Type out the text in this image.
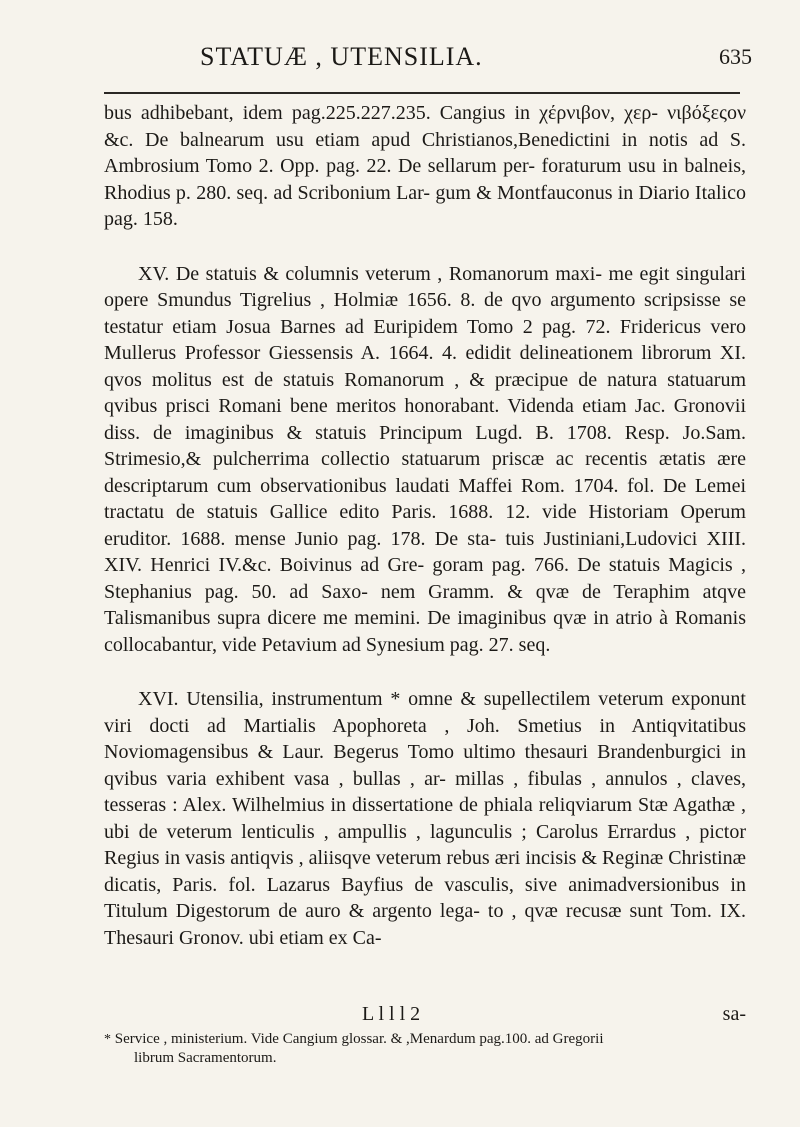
STATUÆ , UTENSILIA.	635

bus adhibebant, idem pag.225.227.235. Cangius in χέρνιβον, χερ- νιβόξεςον &c. De balnearum usu etiam apud Christianos,Benedictini in notis ad S. Ambrosium Tomo 2. Opp. pag. 22. De sellarum per- foraturum usu in balneis, Rhodius p. 280. seq. ad Scribonium Lar- gum & Montfauconus in Diario Italico pag. 158.

XV. De statuis & columnis veterum , Romanorum maxi- me egit singulari opere Smundus Tigrelius , Holmiæ 1656. 8. de qvo argumento scripsisse se testatur etiam Josua Barnes ad Euripidem Tomo 2 pag. 72. Fridericus vero Mullerus Professor Giessensis A. 1664. 4. edidit delineationem librorum XI. qvos molitus est de statuis Romanorum , & præcipue de natura statuarum qvibus prisci Romani bene meritos honorabant. Videnda etiam Jac. Gronovii diss. de imaginibus & statuis Principum Lugd. B. 1708. Resp. Jo.Sam. Strimesio,& pulcherrima collectio statuarum priscæ ac recentis ætatis ære descriptarum cum observationibus laudati Maffei Rom. 1704. fol. De Lemei tractatu de statuis Gallice edito Paris. 1688. 12. vide Historiam Operum eruditor. 1688. mense Junio pag. 178. De sta- tuis Justiniani,Ludovici XIII. XIV. Henrici IV.&c. Boivinus ad Gre- goram pag. 766. De statuis Magicis , Stephanius pag. 50. ad Saxo- nem Gramm. & qvæ de Teraphim atqve Talismanibus supra dicere me memini. De imaginibus qvæ in atrio à Romanis collocabantur, vide Petavium ad Synesium pag. 27. seq.

XVI. Utensilia, instrumentum * omne & supellectilem veterum exponunt viri docti ad Martialis Apophoreta , Joh. Smetius in Antiqvitatibus Noviomagensibus & Laur. Begerus Tomo ultimo thesauri Brandenburgici in qvibus varia exhibent vasa , bullas , ar- millas , fibulas , annulos , claves, tesseras : Alex. Wilhelmius in dissertatione de phiala reliqviarum Stæ Agathæ , ubi de veterum lenticulis , ampullis , lagunculis ; Carolus Errardus , pictor Regius in vasis antiqvis , aliisqve veterum rebus æri incisis & Reginæ Christinæ dicatis, Paris. fol. Lazarus Bayfius de vasculis, sive animadversionibus in Titulum Digestorum de auro & argento lega- to , qvæ recusæ sunt Tom. IX. Thesauri Gronov. ubi etiam ex Ca-

L l l l 2	sa-

* Service , ministerium. Vide Cangium glossar. & ,Menardum pag.100. ad Gregorii

librum Sacramentorum.
